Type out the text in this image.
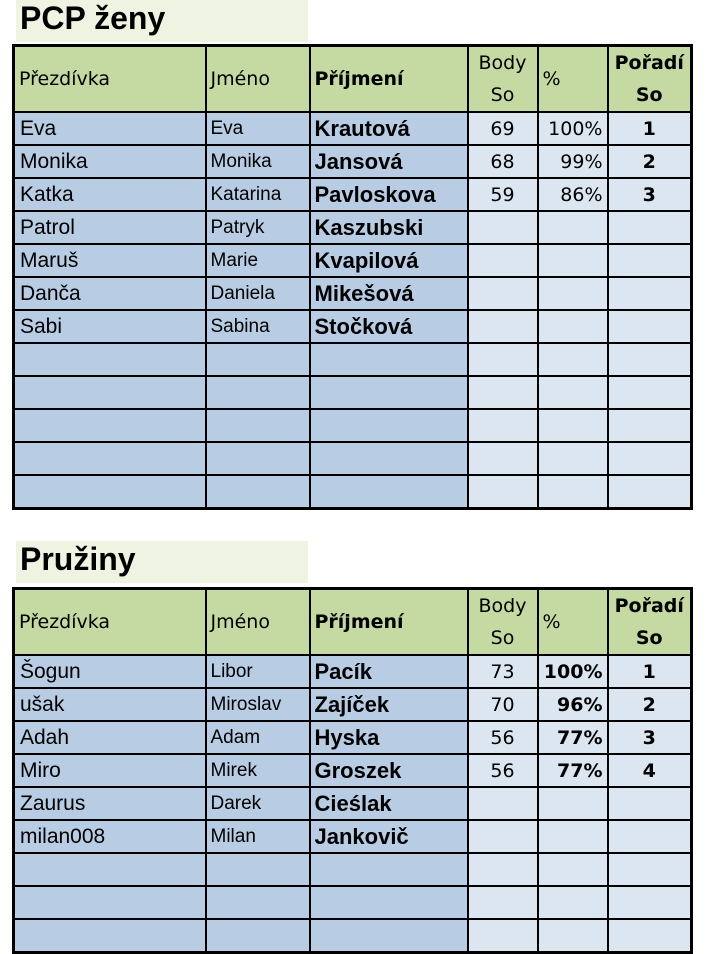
PCP ženy
Přezdívka	Jméno	Příjmení	Body So	%	Pořadí So
Eva	Eva	Krautová	69	100%	1
Monika	Monika	Jansová	68	99%	2
Katka	Katarina	Pavloskova	59	86%	3
Patrol	Patryk	Kaszubski			
Maruš	Marie	Kvapilová			
Danča	Daniela	Mikešová			
Sabi	Sabina	Stočková			

Pružiny
Přezdívka	Jméno	Příjmení	Body So	%	Pořadí So
Šogun	Libor	Pacík	73	100%	1
ušak	Miroslav	Zajíček	70	96%	2
Adah	Adam	Hyska	56	77%	3
Miro	Mirek	Groszek	56	77%	4
Zaurus	Darek	Cieślak			
milan008	Milan	Jankovič			
